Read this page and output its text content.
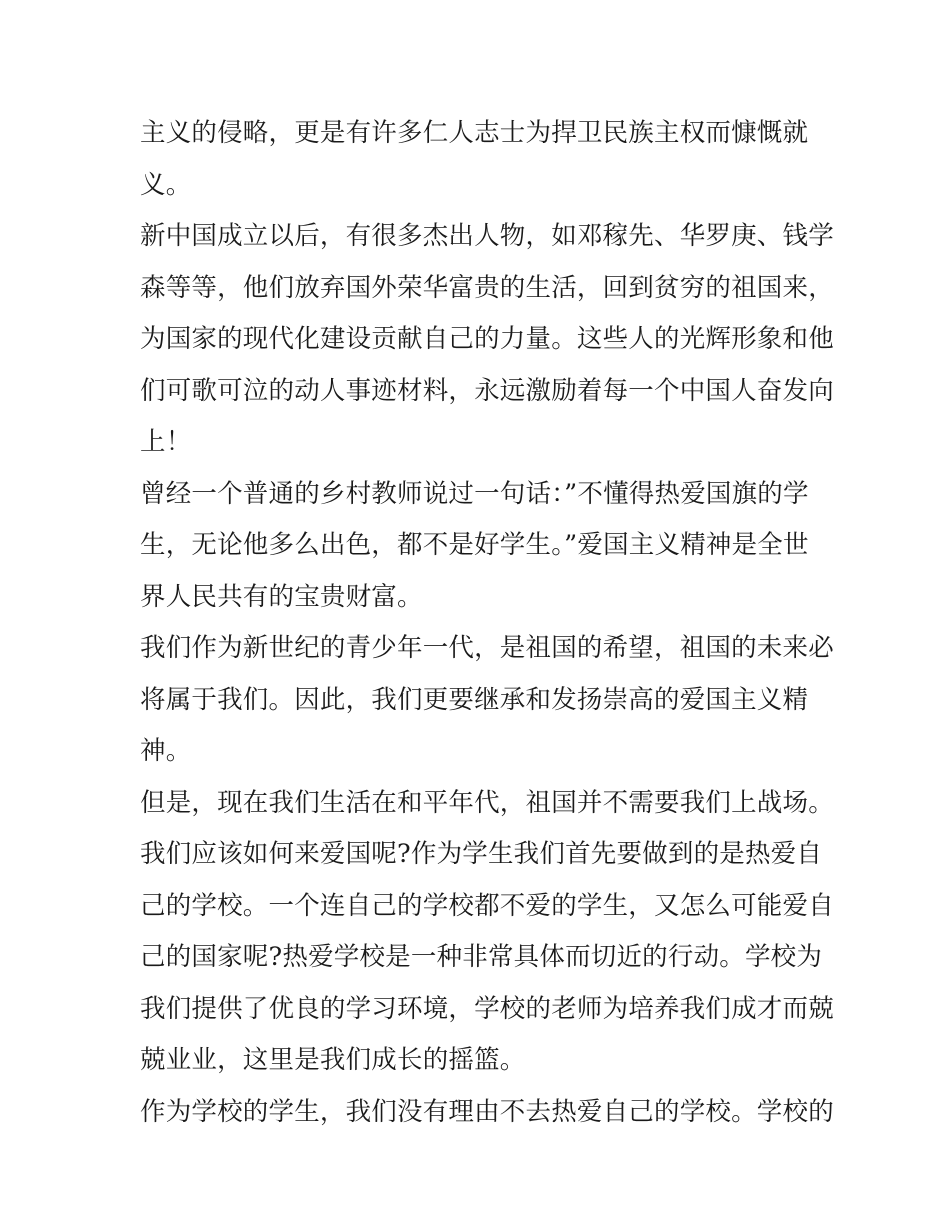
主义的侵略，更是有许多仁人志士为捍卫民族主权而慷慨就
义。
新中国成立以后，有很多杰出人物，如邓稼先、华罗庚、钱学
森等等，他们放弃国外荣华富贵的生活，回到贫穷的祖国来，
为国家的现代化建设贡献自己的力量。这些人的光辉形象和他
们可歌可泣的动人事迹材料，永远激励着每一个中国人奋发向
上！
曾经一个普通的乡村教师说过一句话：”不懂得热爱国旗的学
生，无论他多么出色，都不是好学生。”爱国主义精神是全世
界人民共有的宝贵财富。
我们作为新世纪的青少年一代，是祖国的希望，祖国的未来必
将属于我们。因此，我们更要继承和发扬崇高的爱国主义精
神。
但是，现在我们生活在和平年代，祖国并不需要我们上战场。
我们应该如何来爱国呢?作为学生我们首先要做到的是热爱自
己的学校。一个连自己的学校都不爱的学生，又怎么可能爱自
己的国家呢?热爱学校是一种非常具体而切近的行动。学校为
我们提供了优良的学习环境，学校的老师为培养我们成才而兢
兢业业，这里是我们成长的摇篮。
作为学校的学生，我们没有理由不去热爱自己的学校。学校的
